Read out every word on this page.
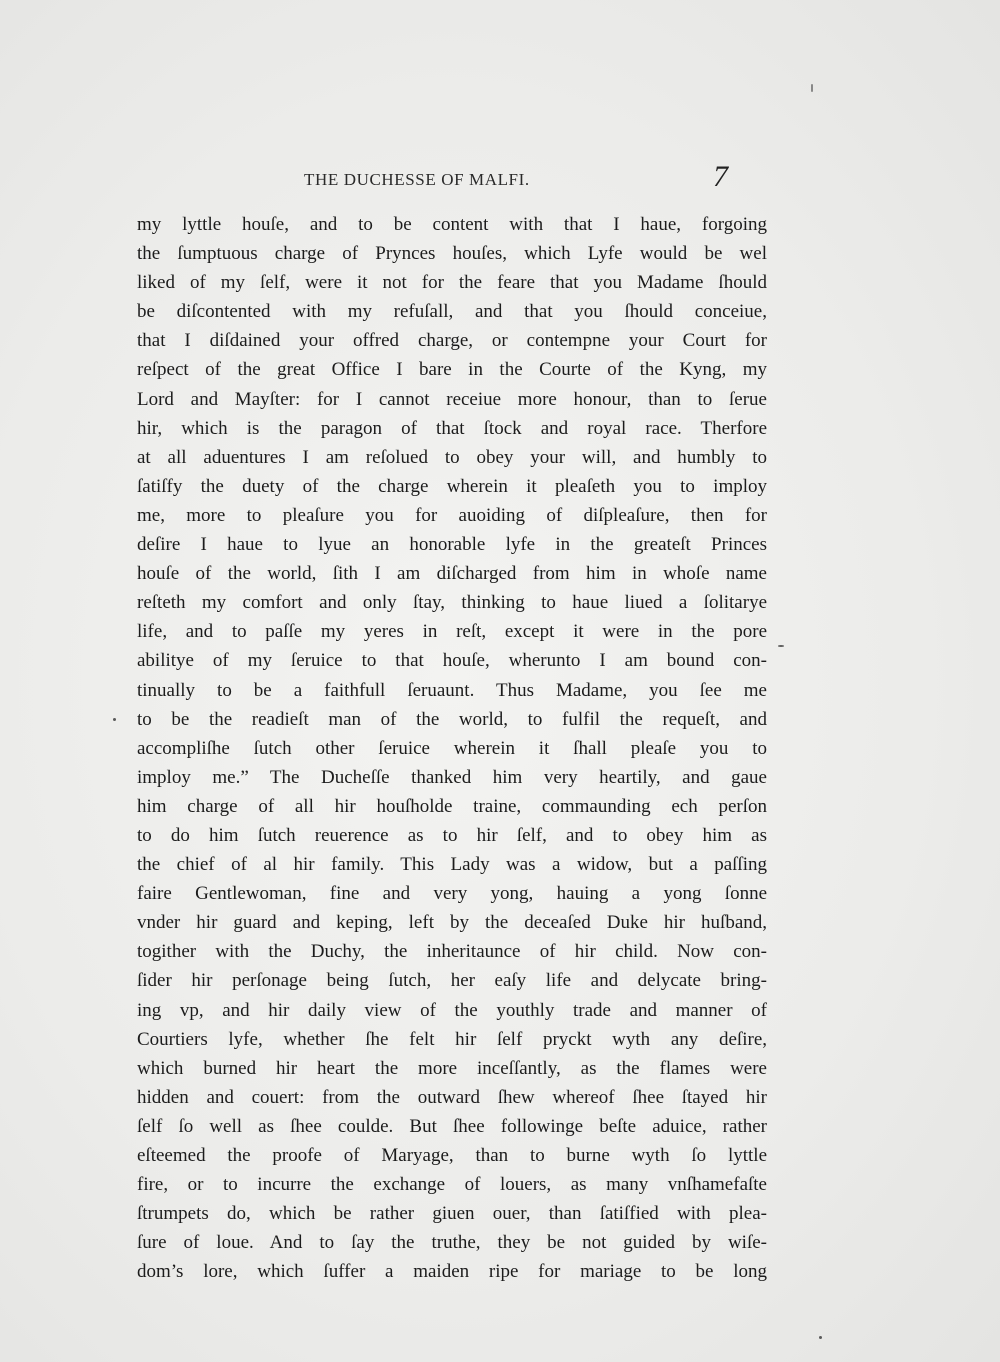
THE DUCHESSE OF MALFI.	7
my lyttle houſe, and to be content with that I haue, forgoing
the ſumptuous charge of Prynces houſes, which Lyfe would be wel
liked of my ſelf, were it not for the feare that you Madame ſhould
be diſcontented with my refuſall, and that you ſhould conceiue,
that I diſdained your offred charge, or contempne your Court for
reſpect of the great Office I bare in the Courte of the Kyng, my
Lord and Mayſter: for I cannot receiue more honour, than to ſerue
hir, which is the paragon of that ſtock and royal race. Therfore
at all aduentures I am reſolued to obey your will, and humbly to
ſatiſfy the duety of the charge wherein it pleaſeth you to imploy
me, more to pleaſure you for auoiding of diſpleaſure, then for
deſire I haue to lyue an honorable lyfe in the greateſt Princes
houſe of the world, ſith I am diſcharged from him in whoſe name
reſteth my comfort and only ſtay, thinking to haue liued a ſolitarye
life, and to paſſe my yeres in reſt, except it were in the pore
abilitye of my ſeruice to that houſe, wherunto I am bound con-
tinually to be a faithfull ſeruaunt. Thus Madame, you ſee me
to be the readieſt man of the world, to fulfil the requeſt, and
accompliſhe ſutch other ſeruice wherein it ſhall pleaſe you to
imploy me.” The Ducheſſe thanked him very heartily, and gaue
him charge of all hir houſholde traine, commaunding ech perſon
to do him ſutch reuerence as to hir ſelf, and to obey him as
the chief of al hir family. This Lady was a widow, but a paſſing
faire Gentlewoman, fine and very yong, hauing a yong ſonne
vnder hir guard and keping, left by the deceaſed Duke hir huſband,
togither with the Duchy, the inheritaunce of hir child. Now con-
ſider hir perſonage being ſutch, her eaſy life and delycate bring-
ing vp, and hir daily view of the youthly trade and manner of
Courtiers lyfe, whether ſhe felt hir ſelf pryckt wyth any deſire,
which burned hir heart the more inceſſantly, as the flames were
hidden and couert: from the outward ſhew whereof ſhee ſtayed hir
ſelf ſo well as ſhee coulde. But ſhee followinge beſte aduice, rather
eſteemed the proofe of Maryage, than to burne wyth ſo lyttle
fire, or to incurre the exchange of louers, as many vnſhamefaſte
ſtrumpets do, which be rather giuen ouer, than ſatiſfied with plea-
ſure of loue. And to ſay the truthe, they be not guided by wiſe-
dom’s lore, which ſuffer a maiden ripe for mariage to be long
